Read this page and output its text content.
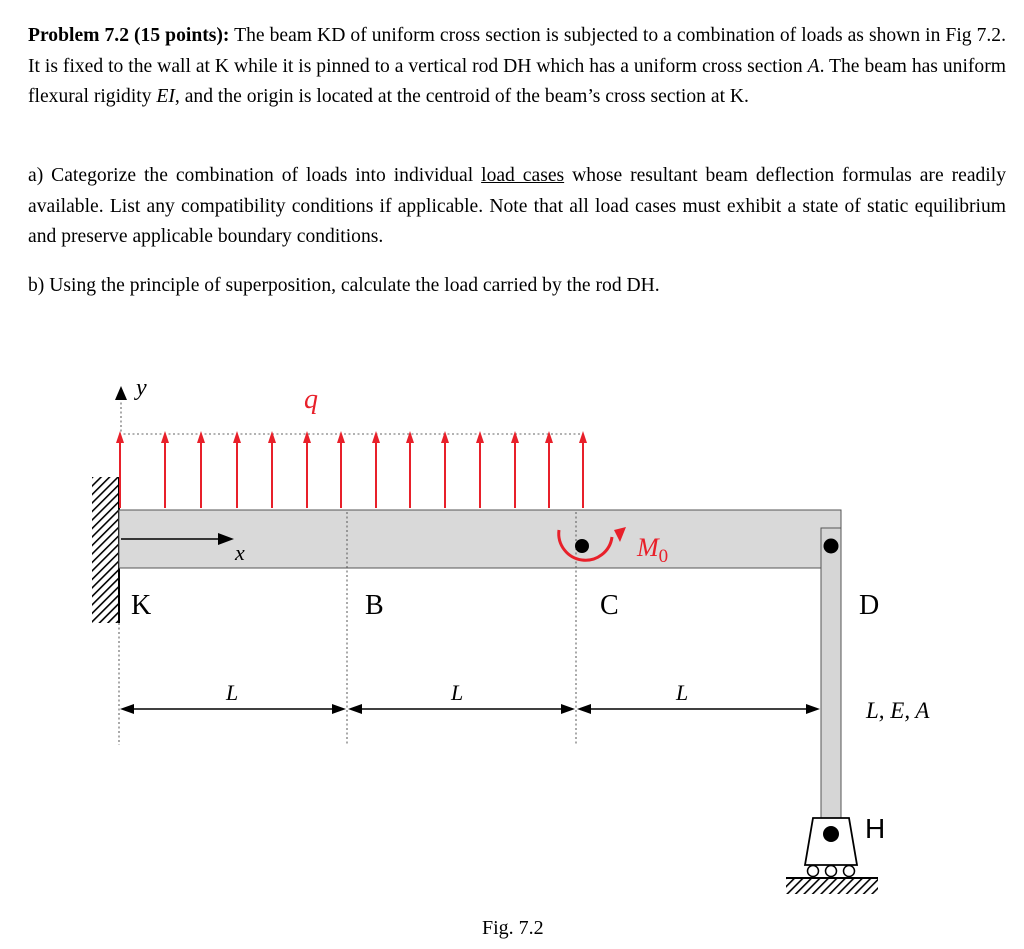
Problem 7.2 (15 points): The beam KD of uniform cross section is subjected to a combination of loads as shown in Fig 7.2. It is fixed to the wall at K while it is pinned to a vertical rod DH which has a uniform cross section A. The beam has uniform flexural rigidity EI, and the origin is located at the centroid of the beam’s cross section at K.

a) Categorize the combination of loads into individual load cases whose resultant beam deflection formulas are readily available. List any compatibility conditions if applicable. Note that all load cases must exhibit a state of static equilibrium and preserve applicable boundary conditions.

b) Using the principle of superposition, calculate the load carried by the rod DH.

y	q
x	$M_0$
K	B	C	D
L	L	L
L, E, A
H
Fig. 7.2
